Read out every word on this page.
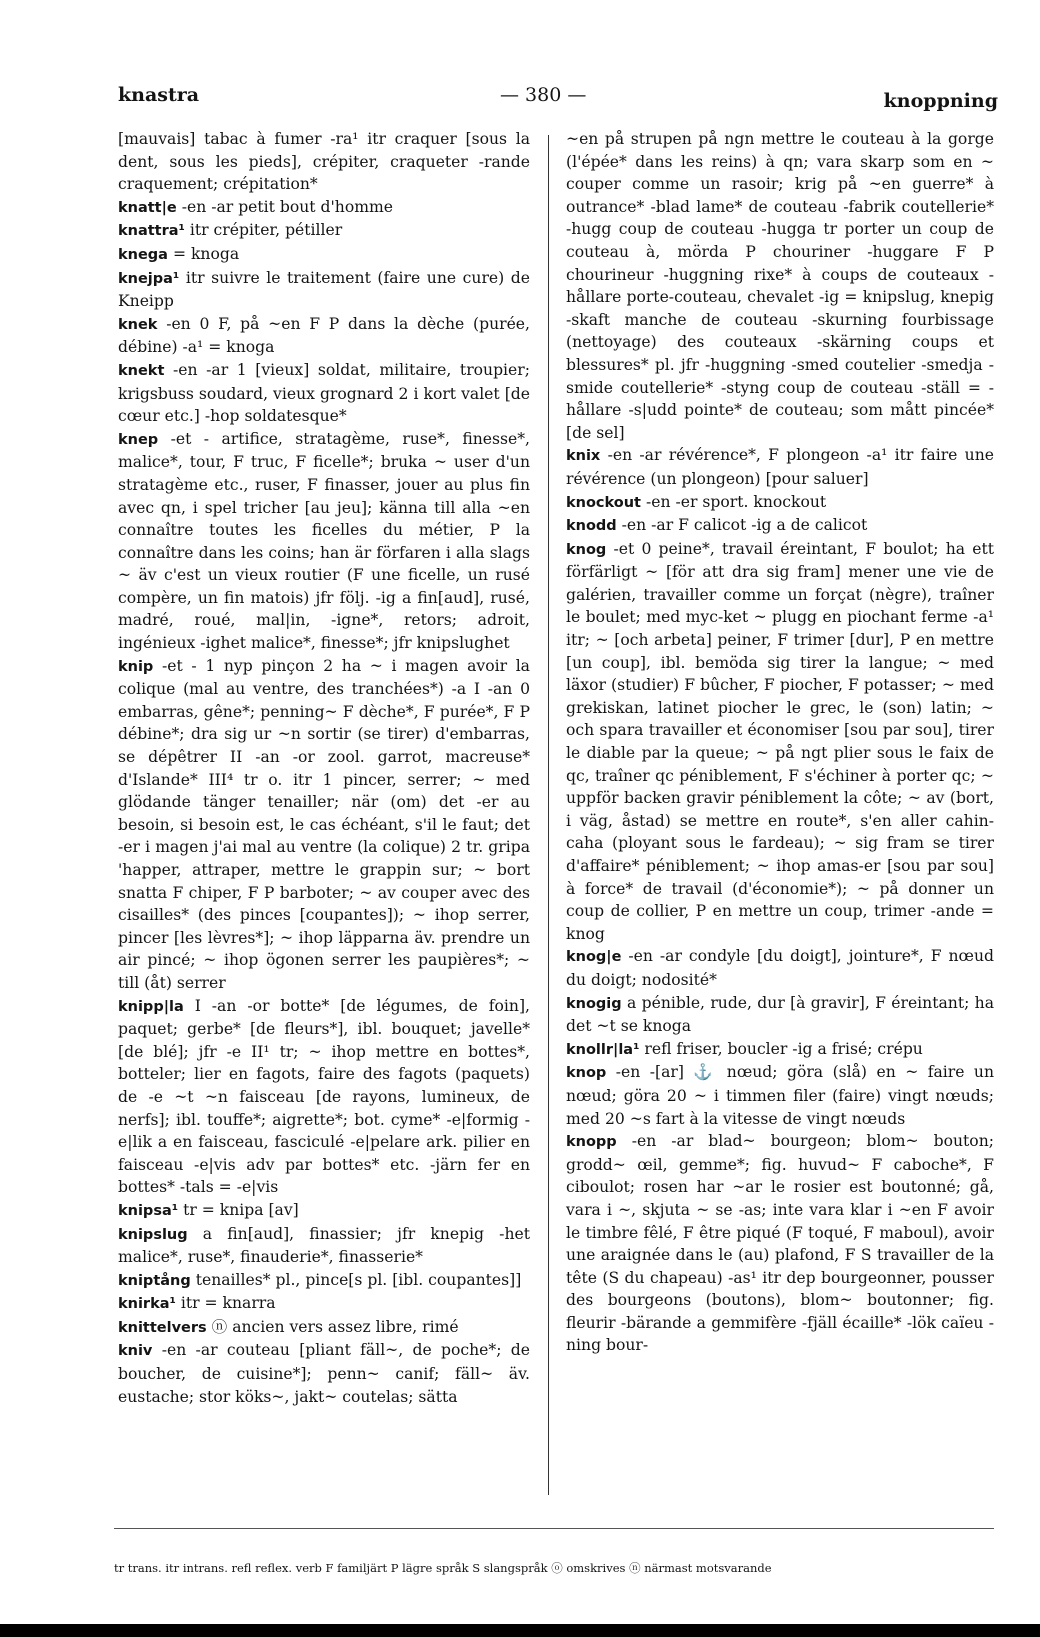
knastra	— 380 —	knoppning

[mauvais] tabac à fumer -ra¹ itr craquer [sous la dent, sous les pieds], crépiter, craqueter -rande craquement; crépitation*

knatt|e -en -ar petit bout d'homme

knattra¹ itr crépiter, pétiller

knega = knoga

knejpa¹ itr suivre le traitement (faire une cure) de Kneipp

knek -en 0 F, på ~en F P dans la dèche (purée, débine) -a¹ = knoga

knekt -en -ar 1 [vieux] soldat, militaire, troupier; krigsbuss soudard, vieux grognard 2 i kort valet [de cœur etc.] -hop soldatesque*

knep -et - artifice, stratagème, ruse*, finesse*, malice*, tour, F truc, F ficelle*; bruka ~ user d'un stratagème etc., ruser, F finasser, jouer au plus fin avec qn, i spel tricher [au jeu]; känna till alla ~en connaître toutes les ficelles du métier, P la connaître dans les coins; han är förfaren i alla slags ~ äv c'est un vieux routier (F une ficelle, un rusé compère, un fin matois) jfr följ. -ig a fin[aud], rusé, madré, roué, mal|in, -igne*, retors; adroit, ingénieux -ighet malice*, finesse*; jfr knipslughet

knip -et - 1 nyp pinçon 2 ha ~ i magen avoir la colique (mal au ventre, des tranchées*) -a I -an 0 embarras, gêne*; penning~ F dèche*, F purée*, F P débine*; dra sig ur ~n sortir (se tirer) d'embarras, se dépêtrer II -an -or zool. garrot, macreuse* d'Islande* III⁴ tr o. itr 1 pincer, serrer; ~ med glödande tänger tenailler; när (om) det -er au besoin, si besoin est, le cas échéant, s'il le faut; det -er i magen j'ai mal au ventre (la colique) 2 tr. gripa 'happer, attraper, mettre le grappin sur; ~ bort snatta F chiper, F P barboter; ~ av couper avec des cisailles* (des pinces [coupantes]); ~ ihop serrer, pincer [les lèvres*]; ~ ihop läpparna äv. prendre un air pincé; ~ ihop ögonen serrer les paupières*; ~ till (åt) serrer

knipp|la I -an -or botte* [de légumes, de foin], paquet; gerbe* [de fleurs*], ibl. bouquet; javelle* [de blé]; jfr -e II¹ tr; ~ ihop mettre en bottes*, botteler; lier en fagots, faire des fagots (paquets) de -e ~t ~n faisceau [de rayons, lumineux, de nerfs]; ibl. touffe*; aigrette*; bot. cyme* -e|formig -e|lik a en faisceau, fasciculé -e|pelare ark. pilier en faisceau -e|vis adv par bottes* etc. -järn fer en bottes* -tals = -e|vis

knipsa¹ tr = knipa [av]

knipslug a fin[aud], finassier; jfr knepig -het malice*, ruse*, finauderie*, finasserie*

kniptång tenailles* pl., pince[s pl. [ibl. coupantes]]

knirka¹ itr = knarra

knittelvers ⓝ ancien vers assez libre, rimé

kniv -en -ar couteau [pliant fäll~, de poche*; de boucher, de cuisine*]; penn~ canif; fäll~ äv. eustache; stor köks~, jakt~ coutelas; sätta

~en på strupen på ngn mettre le couteau à la gorge (l'épée* dans les reins) à qn; vara skarp som en ~ couper comme un rasoir; krig på ~en guerre* à outrance* -blad lame* de couteau -fabrik coutellerie* -hugg coup de couteau -hugga tr porter un coup de couteau à, mörda P chouriner -huggare F P chourineur -huggning rixe* à coups de couteaux -hållare porte-couteau, chevalet -ig = knipslug, knepig -skaft manche de couteau -skurning fourbissage (nettoyage) des couteaux -skärning coups et blessures* pl. jfr -huggning -smed coutelier -smedja -smide coutellerie* -styng coup de couteau -ställ = -hållare -s|udd pointe* de couteau; som mått pincée* [de sel]

knix -en -ar révérence*, F plongeon -a¹ itr faire une révérence (un plongeon) [pour saluer]

knockout -en -er sport. knockout

knodd -en -ar F calicot -ig a de calicot

knog -et 0 peine*, travail éreintant, F boulot; ha ett förfärligt ~ [för att dra sig fram] mener une vie de galérien, travailler comme un forçat (nègre), traîner le boulet; med myc-ket ~ plugg en piochant ferme -a¹ itr; ~ [och arbeta] peiner, F trimer [dur], P en mettre [un coup], ibl. bemöda sig tirer la langue; ~ med läxor (studier) F bûcher, F piocher, F potasser; ~ med grekiskan, latinet piocher le grec, le (son) latin; ~ och spara travailler et économiser [sou par sou], tirer le diable par la queue; ~ på ngt plier sous le faix de qc, traîner qc péniblement, F s'échiner à porter qc; ~ uppför backen gravir péniblement la côte; ~ av (bort, i väg, åstad) se mettre en route*, s'en aller cahin-caha (ployant sous le fardeau); ~ sig fram se tirer d'affaire* péniblement; ~ ihop amas-er [sou par sou] à force* de travail (d'économie*); ~ på donner un coup de collier, P en mettre un coup, trimer -ande = knog

knog|e -en -ar condyle [du doigt], jointure*, F nœud du doigt; nodosité*

knogig a pénible, rude, dur [à gravir], F éreintant; ha det ~t se knoga

knollr|la¹ refl friser, boucler -ig a frisé; crépu

knop -en -[ar] ⚓ nœud; göra (slå) en ~ faire un nœud; göra 20 ~ i timmen filer (faire) vingt nœuds; med 20 ~s fart à la vitesse de vingt nœuds

knopp -en -ar blad~ bourgeon; blom~ bouton; grodd~ œil, gemme*; fig. huvud~ F caboche*, F ciboulot; rosen har ~ar le rosier est boutonné; gå, vara i ~, skjuta ~ se -as; inte vara klar i ~en F avoir le timbre fêlé, F être piqué (F toqué, F maboul), avoir une araignée dans le (au) plafond, F S travailler de la tête (S du chapeau) -as¹ itr dep bourgeonner, pousser des bourgeons (boutons), blom~ boutonner; fig. fleurir -bärande a gemmifère -fjäll écaille* -lök caïeu -ning bour-

tr trans. itr intrans. refl reflex. verb F familjärt P lägre språk S slangspråk ⓞ omskrives ⓝ närmast motsvarande
